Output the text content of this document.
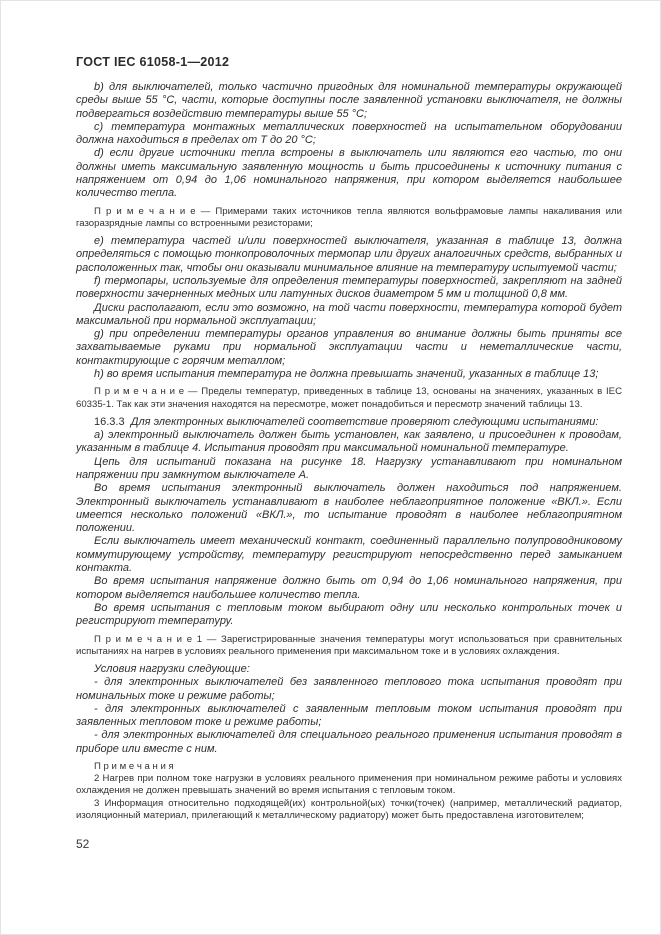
ГОСТ IEC 61058-1—2012

b) для выключателей, только частично пригодных для номинальной температуры окружающей среды выше 55 °С, части, которые доступны после заявленной установки выключателя, не должны подвергаться воздействию температуры выше 55 °С;

c) температура монтажных металлических поверхностей на испытательном оборудовании должна находиться в пределах от Т до 20 °С;

d) если другие источники тепла встроены в выключатель или являются его частью, то они должны иметь максимальную заявленную мощность и быть присоединены к источнику питания с напряжением от 0,94 до 1,06 номинального напряжения, при котором выделяется наибольшее количество тепла.

П р и м е ч а н и е — Примерами таких источников тепла являются вольфрамовые лампы накаливания или газоразрядные лампы со встроенными резисторами;

е) температура частей и/или поверхностей выключателя, указанная в таблице 13, должна определяться с помощью тонкопроволочных термопар или других аналогичных средств, выбранных и расположенных так, чтобы они оказывали минимальное влияние на температуру испытуемой части;

f) термопары, используемые для определения температуры поверхностей, закрепляют на задней поверхности зачерненных медных или латунных дисков диаметром 5 мм и толщиной 0,8 мм.

Диски располагают, если это возможно, на той части поверхности, температура которой будет максимальной при нормальной эксплуатации;

g) при определении температуры органов управления во внимание должны быть приняты все захватываемые руками при нормальной эксплуатации части и неметаллические части, контактирующие с горячим металлом;

h) во время испытания температура не должна превышать значений, указанных в таблице 13;

П р и м е ч а н и е — Пределы температур, приведенных в таблице 13, основаны на значениях, указанных в IEC 60335-1. Так как эти значения находятся на пересмотре, может понадобиться и пересмотр значений таблицы 13.

16.3.3 Для электронных выключателей соответствие проверяют следующими испытаниями:

а) электронный выключатель должен быть установлен, как заявлено, и присоединен к проводам, указанным в таблице 4. Испытания проводят при максимальной номинальной температуре.

Цепь для испытаний показана на рисунке 18. Нагрузку устанавливают при номинальном напряжении при замкнутом выключателе А.

Во время испытания электронный выключатель должен находиться под напряжением. Электронный выключатель устанавливают в наиболее неблагоприятное положение «ВКЛ.». Если имеется несколько положений «ВКЛ.», то испытание проводят в наиболее неблагоприятном положении.

Если выключатель имеет механический контакт, соединенный параллельно полупроводниковому коммутирующему устройству, температуру регистрируют непосредственно перед замыканием контакта.

Во время испытания напряжение должно быть от 0,94 до 1,06 номинального напряжения, при котором выделяется наибольшее количество тепла.

Во время испытания с тепловым током выбирают одну или несколько контрольных точек и регистрируют температуру.

П р и м е ч а н и е 1 — Зарегистрированные значения температуры могут использоваться при сравнительных испытаниях на нагрев в условиях реального применения при максимальном токе и в условиях охлаждения.

Условия нагрузки следующие:

- для электронных выключателей без заявленного теплового тока испытания проводят при номинальных токе и режиме работы;

- для электронных выключателей с заявленным тепловым током испытания проводят при заявленных тепловом токе и режиме работы;

- для электронных выключателей для специального реального применения испытания проводят в приборе или вместе с ним.

П р и м е ч а н и я

2 Нагрев при полном токе нагрузки в условиях реального применения при номинальном режиме работы и условиях охлаждения не должен превышать значений во время испытания с тепловым током.

3 Информация относительно подходящей(их) контрольной(ых) точки(точек) (например, металлический радиатор, изоляционный материал, прилегающий к металлическому радиатору) может быть предоставлена изготовителем;

52
